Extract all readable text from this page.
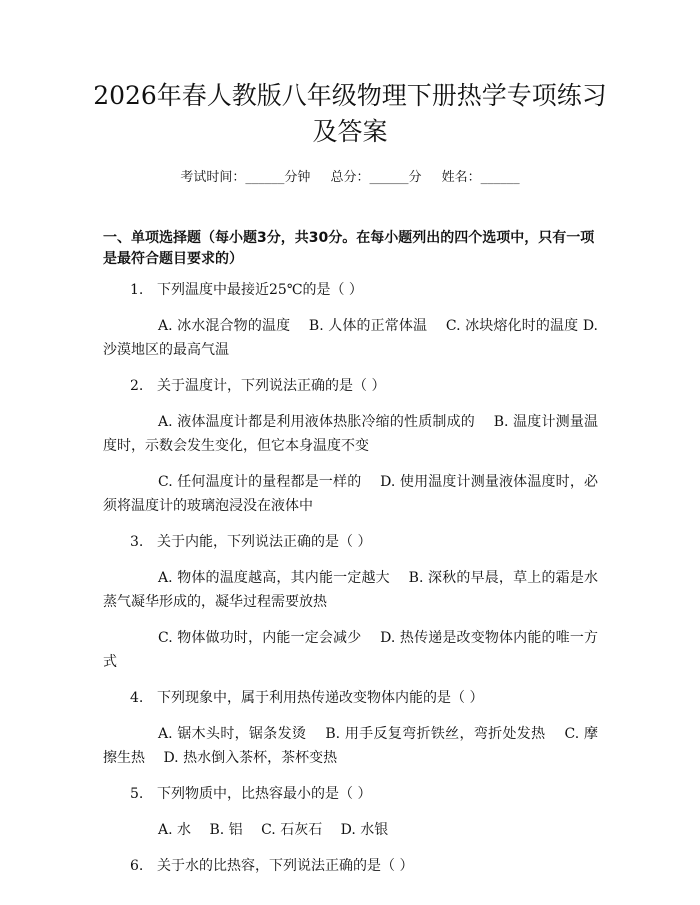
2026年春人教版八年级物理下册热学专项练习及答案
考试时间：______分钟 总分：______分 姓名：______
一、单项选择题（每小题3分，共30分。在每小题列出的四个选项中，只有一项是最符合题目要求的）

1. 下列温度中最接近25℃的是（ ）

A. 冰水混合物的温度　 B. 人体的正常体温　 C. 冰块熔化时的温度 D. 沙漠地区的最高气温

2. 关于温度计，下列说法正确的是（ ）

A. 液体温度计都是利用液体热胀冷缩的性质制成的　 B. 温度计测量温度时，示数会发生变化，但它本身温度不变

C. 任何温度计的量程都是一样的　 D. 使用温度计测量液体温度时，必须将温度计的玻璃泡浸没在液体中

3. 关于内能，下列说法正确的是（ ）

A. 物体的温度越高，其内能一定越大　 B. 深秋的早晨，草上的霜是水蒸气凝华形成的，凝华过程需要放热

C. 物体做功时，内能一定会减少　 D. 热传递是改变物体内能的唯一方式

4. 下列现象中，属于利用热传递改变物体内能的是（ ）

A. 锯木头时，锯条发烫　 B. 用手反复弯折铁丝，弯折处发热　 C. 摩擦生热　 D. 热水倒入茶杯，茶杯变热

5. 下列物质中，比热容最小的是（ ）

A. 水　 B. 铝　 C. 石灰石　 D. 水银

6. 关于水的比热容，下列说法正确的是（ ）
